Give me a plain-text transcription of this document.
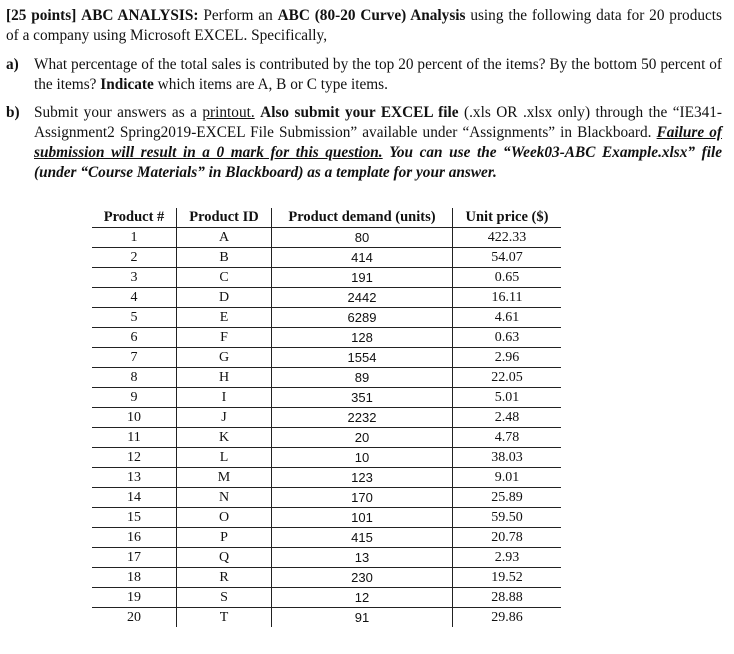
[25 points] ABC ANALYSIS: Perform an ABC (80-20 Curve) Analysis using the following data for 20 products of a company using Microsoft EXCEL. Specifically,
a) What percentage of the total sales is contributed by the top 20 percent of the items? By the bottom 50 percent of the items? Indicate which items are A, B or C type items.
b) Submit your answers as a printout. Also submit your EXCEL file (.xls OR .xlsx only) through the “IE341-Assignment2 Spring2019-EXCEL File Submission” available under “Assignments” in Blackboard. Failure of submission will result in a 0 mark for this question. You can use the “Week03-ABC Example.xlsx” file (under “Course Materials” in Blackboard) as a template for your answer.
Product #	Product ID	Product demand (units)	Unit price ($)
1	A	80	422.33
2	B	414	54.07
3	C	191	0.65
4	D	2442	16.11
5	E	6289	4.61
6	F	128	0.63
7	G	1554	2.96
8	H	89	22.05
9	I	351	5.01
10	J	2232	2.48
11	K	20	4.78
12	L	10	38.03
13	M	123	9.01
14	N	170	25.89
15	O	101	59.50
16	P	415	20.78
17	Q	13	2.93
18	R	230	19.52
19	S	12	28.88
20	T	91	29.86
